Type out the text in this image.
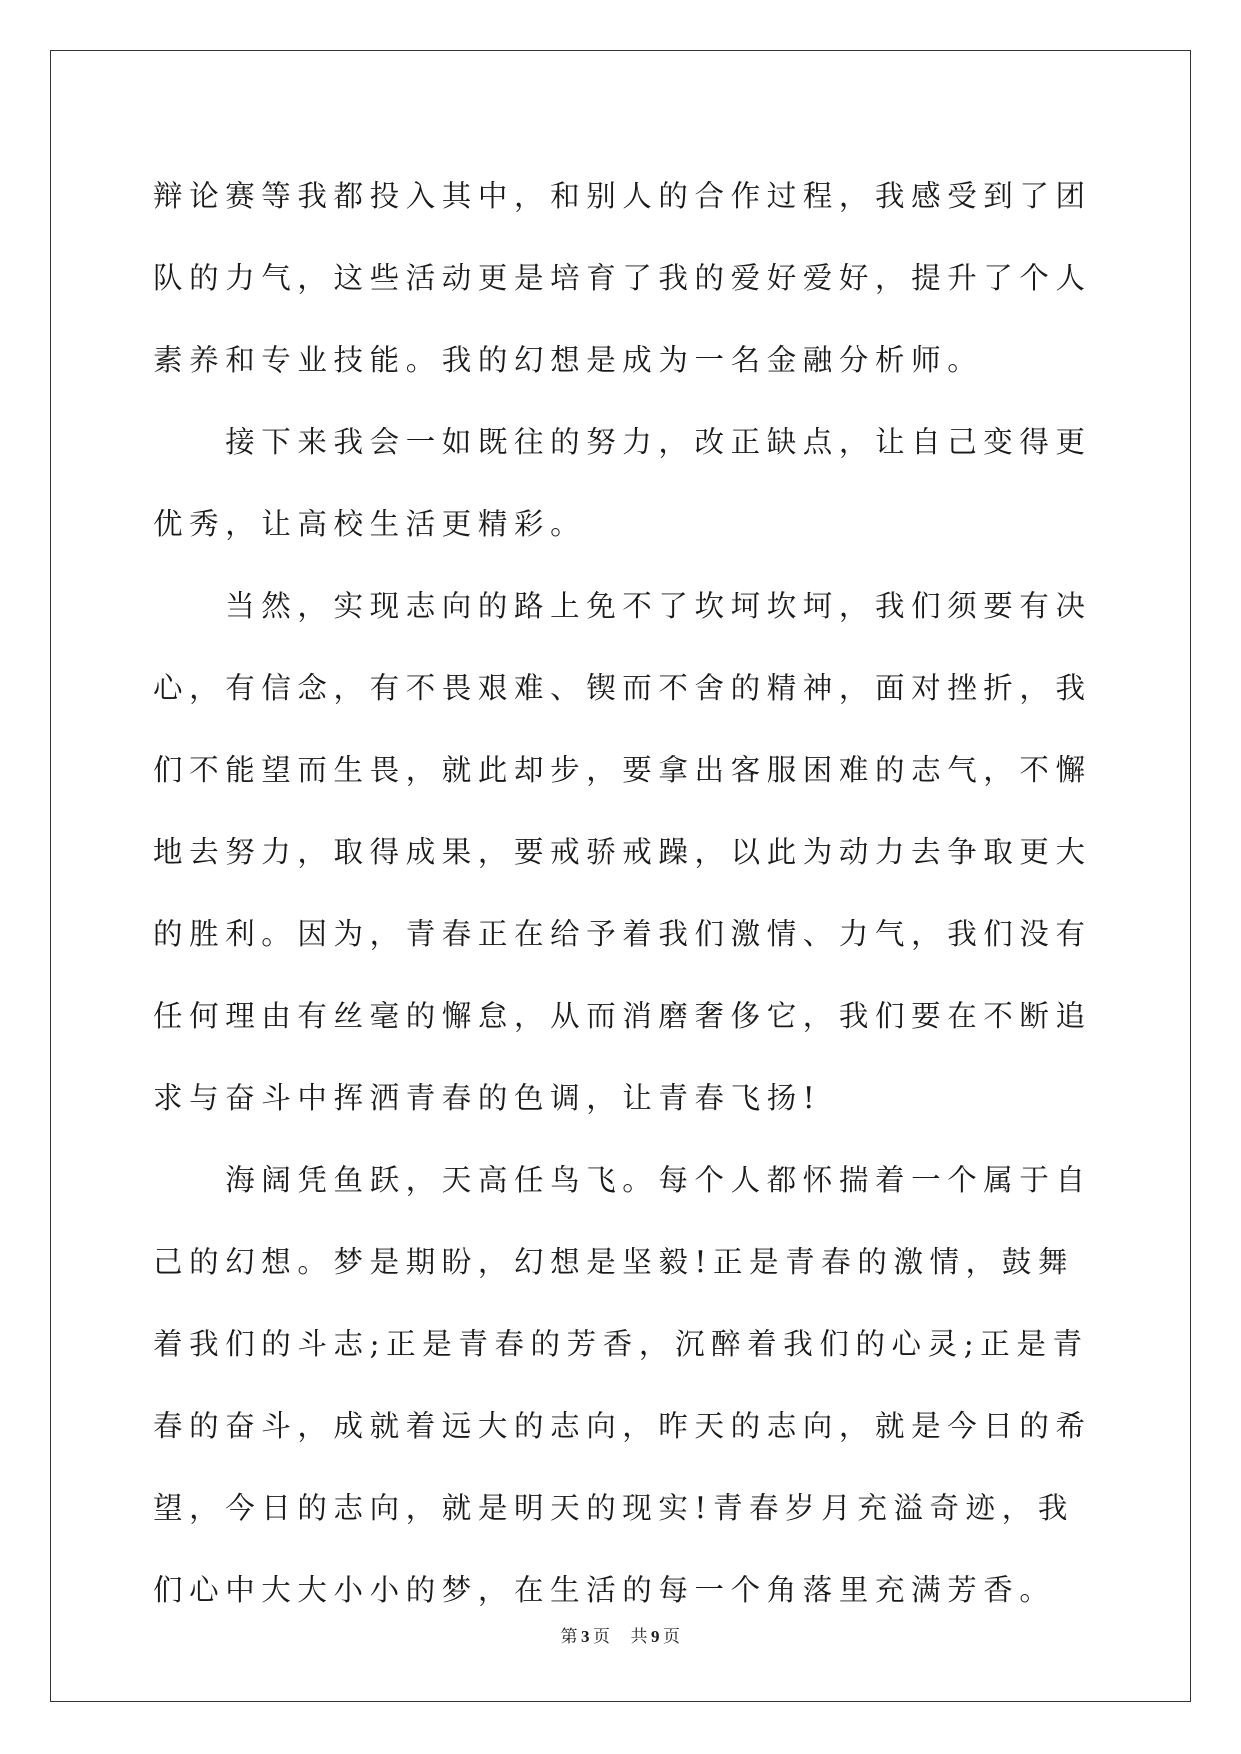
辩论赛等我都投入其中，和别人的合作过程，我感受到了团队的力气，这些活动更是培育了我的爱好爱好，提升了个人素养和专业技能。我的幻想是成为一名金融分析师。

　　接下来我会一如既往的努力，改正缺点，让自己变得更优秀，让高校生活更精彩。

　　当然，实现志向的路上免不了坎坷坎坷，我们须要有决心，有信念，有不畏艰难、锲而不舍的精神，面对挫折，我们不能望而生畏，就此却步，要拿出客服困难的志气，不懈地去努力，取得成果，要戒骄戒躁，以此为动力去争取更大的胜利。因为，青春正在给予着我们激情、力气，我们没有任何理由有丝毫的懈怠，从而消磨奢侈它，我们要在不断追求与奋斗中挥洒青春的色调，让青春飞扬!

　　海阔凭鱼跃，天高任鸟飞。每个人都怀揣着一个属于自己的幻想。梦是期盼，幻想是坚毅!正是青春的激情，鼓舞着我们的斗志;正是青春的芳香，沉醉着我们的心灵;正是青春的奋斗，成就着远大的志向，昨天的志向，就是今日的希望，今日的志向，就是明天的现实!青春岁月充溢奇迹，我们心中大大小小的梦，在生活的每一个角落里充满芳香。

第 3 页 共 9 页
